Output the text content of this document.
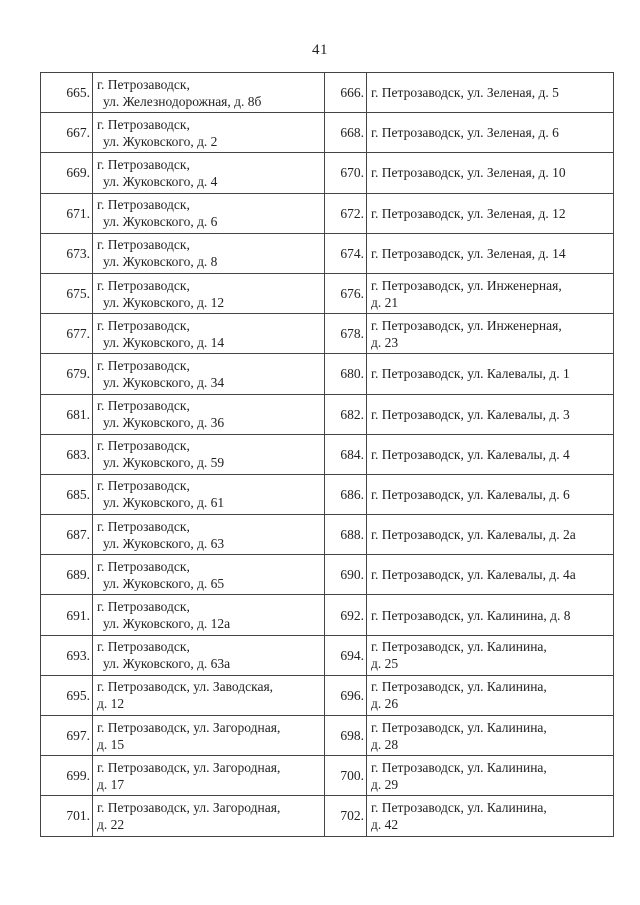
41
665.	г. Петрозаводск,
ул. Железнодорожная, д. 8б	666.	г. Петрозаводск, ул. Зеленая, д. 5

667.	г. Петрозаводск,
ул. Жуковского, д. 2	668.	г. Петрозаводск, ул. Зеленая, д. 6

669.	г. Петрозаводск,
ул. Жуковского, д. 4	670.	г. Петрозаводск, ул. Зеленая, д. 10

671.	г. Петрозаводск,
ул. Жуковского, д. 6	672.	г. Петрозаводск, ул. Зеленая, д. 12

673.	г. Петрозаводск,
ул. Жуковского, д. 8	674.	г. Петрозаводск, ул. Зеленая, д. 14

675.	г. Петрозаводск,
ул. Жуковского, д. 12	676.	г. Петрозаводск, ул. Инженерная,
д. 21

677.	г. Петрозаводск,
ул. Жуковского, д. 14	678.	г. Петрозаводск, ул. Инженерная,
д. 23

679.	г. Петрозаводск,
ул. Жуковского, д. 34	680.	г. Петрозаводск, ул. Калевалы, д. 1

681.	г. Петрозаводск,
ул. Жуковского, д. 36	682.	г. Петрозаводск, ул. Калевалы, д. 3

683.	г. Петрозаводск,
ул. Жуковского, д. 59	684.	г. Петрозаводск, ул. Калевалы, д. 4

685.	г. Петрозаводск,
ул. Жуковского, д. 61	686.	г. Петрозаводск, ул. Калевалы, д. 6

687.	г. Петрозаводск,
ул. Жуковского, д. 63	688.	г. Петрозаводск, ул. Калевалы, д. 2а

689.	г. Петрозаводск,
ул. Жуковского, д. 65	690.	г. Петрозаводск, ул. Калевалы, д. 4а

691.	г. Петрозаводск,
ул. Жуковского, д. 12а	692.	г. Петрозаводск, ул. Калинина, д. 8

693.	г. Петрозаводск,
ул. Жуковского, д. 63а	694.	г. Петрозаводск, ул. Калинина,
д. 25

695.	г. Петрозаводск, ул. Заводская,
д. 12	696.	г. Петрозаводск, ул. Калинина,
д. 26

697.	г. Петрозаводск, ул. Загородная,
д. 15	698.	г. Петрозаводск, ул. Калинина,
д. 28

699.	г. Петрозаводск, ул. Загородная,
д. 17	700.	г. Петрозаводск, ул. Калинина,
д. 29

701.	г. Петрозаводск, ул. Загородная,
д. 22	702.	г. Петрозаводск, ул. Калинина,
д. 42
